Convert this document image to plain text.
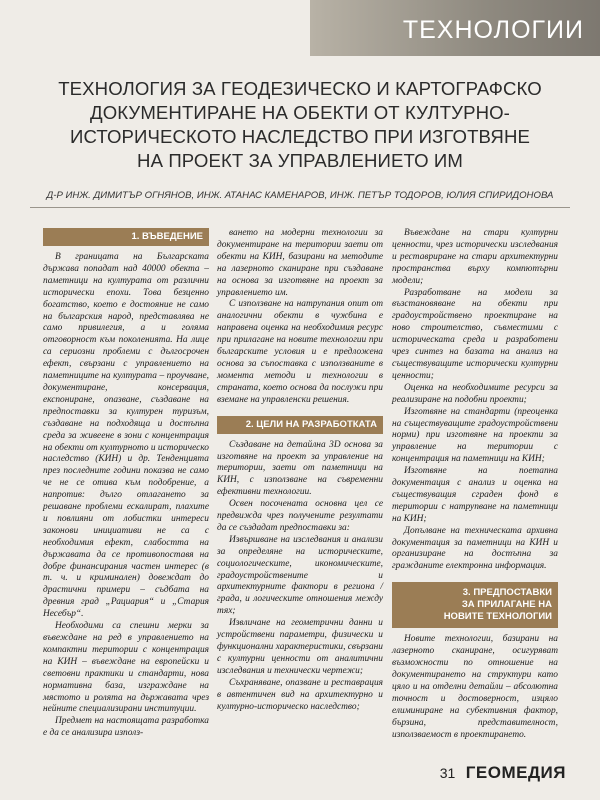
ТЕХНОЛОГИИ
ТЕХНОЛОГИЯ ЗА ГЕОДЕЗИЧЕСКО И КАРТОГРАФСКО
ДОКУМЕНТИРАНЕ НА ОБЕКТИ ОТ КУЛТУРНО-
ИСТОРИЧЕСКОТО НАСЛЕДСТВО ПРИ ИЗГОТВЯНЕ
НА ПРОЕКТ ЗА УПРАВЛЕНИЕТО ИМ
Д-Р ИНЖ. ДИМИТЪР ОГНЯНОВ, ИНЖ. АТАНАС КАМЕНАРОВ, ИНЖ. ПЕТЪР ТОДОРОВ, ЮЛИЯ СПИРИДОНОВА
1. ВЪВЕДЕНИЕ

В границата на Българската държава попадат над 40000 обекта – паметници на културата от различни исторически епохи. Това безценно богатство, което е достояние не само на българския народ, представлява не само привилегия, а и голяма отговорност към поколенията. На лице са сериозни проблеми с дългосрочен ефект, свързани с управлението на паметниците на културата – проучване, документиране, консервация, експониране, опазване, създаване на предпоставки за културен туризъм, създаване на подходяща и достъпна среда за живеене в зони с концентрация на обекти от културното и историческо наследство (КИН) и др. Тенденцията през последните години показва не само че не се отива към подобрение, а напротив: дълго отлагането за решаване проблеми ескалират, плахите и повлияни от лобистки интереси законови инициативи не са с необходимия ефект, слабостта на държавата да се противопоставя на добре финансирания частен интерес (в т. ч. и криминален) довеждат до драстични примери – съдбата на древния град „Рациария“ и „Стария Несебър“.

Необходими са спешни мерки за въвеждане на ред в управлението на компактни територии с концентрация на КИН – въвеждане на европейски и световни практики и стандарти, нова нормативна база, изграждане на мястото и ролята на държавата чрез нейните специализирани институции.

Предмет на настоящата разработка е да се анализира използ-

ването на модерни технологии за документиране на територии заети от обекти на КИН, базирани на методите на лазерното сканиране при създаване на основа за изготвяне на проект за управлението им.

С използване на натрупания опит от аналогични обекти в чужбина е направена оценка на необходимия ресурс при прилагане на новите технологии при българските условия и е предложена основа за съпоставка с използваните в момента методи и технологии в страната, което основа да послужи при вземане на управленски решения.

2. ЦЕЛИ НА РАЗРАБОТКАТА

Създаване на детайлна 3D основа за изготвяне на проект за управление на територии, заети от паметници на КИН, с използване на съвременни ефективни технологии.

Освен посочената основна цел се предвижда чрез получените резултати да се създадат предпоставки за:

Извършване на изследвания и анализи за определяне на историческите, социологическите, икономическите, градоустройствените и архитектурните фактори в региона /града, и логическите отношения между тях;

Извличане на геометрични данни и устройствени параметри, физически и функционални характеристики, свързани с културни ценности от аналитични изследвания и технически чертежи;

Съхраняване, опазване и реставрация в автентичен вид на архитектурно и културно-историческо наследство;

Въвеждане на стари културни ценности, чрез исторически изследвания и реставриране на стари архитектурни пространства върху компютърни модели;

Разработване на модели за възстановяване на обекти при градоустройствено проектиране на ново строителство, съвместими с историческата среда и разработени чрез синтез на базата на анализ на съществуващите исторически културни ценности;

Оценка на необходимите ресурси за реализиране на подобни проекти;

Изготвяне на стандарти (преоценка на съществуващите градоустройствени норми) при изготвяне на проекти за управление на територии с концентрация на паметници на КИН;

Изготвяне на поетапна документация с анализ и оценка на съществуващия сграден фонд в територии с натрупване на паметници на КИН;

Допълване на техническата архивна документация за паметници на КИН и организиране на достъпна за гражданите електронна информация.

3. ПРЕДПОСТАВКИ
ЗА ПРИЛАГАНЕ НА
НОВИТЕ ТЕХНОЛОГИИ

Новите технологии, базирани на лазерното сканиране, осигуряват възможности по отношение на документирането на структури като цяло и на отделни детайли – абсолютна точност и достоверност, изцяло елиминиране на субективния фактор, бързина, представителност, използваемост в проектирането.

31 ГЕОМЕДИЯ
